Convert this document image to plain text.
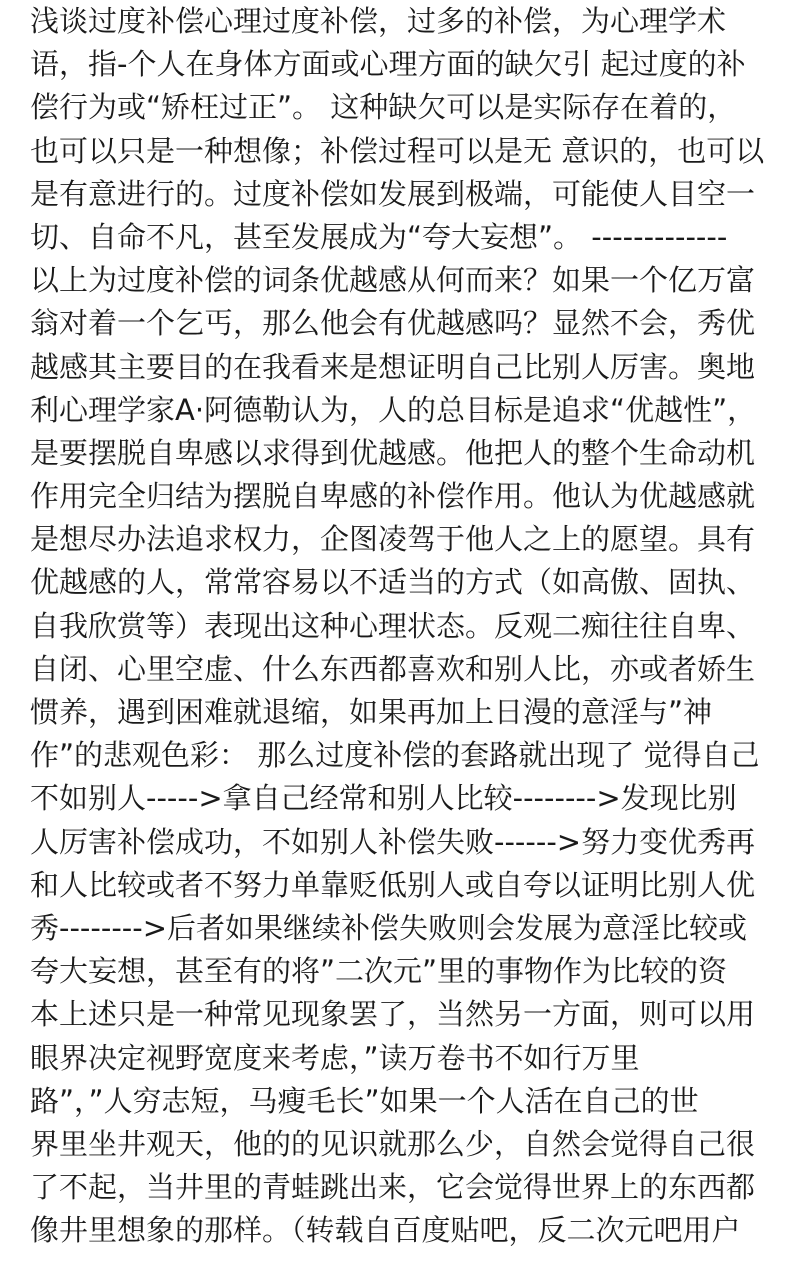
浅谈过度补偿心理过度补偿，过多的补偿，为心理学术
语，指-个人在身体方面或心理方面的缺欠引 起过度的补
偿行为或“矫枉过正”。 这种缺欠可以是实际存在着的，
也可以只是一种想像；补偿过程可以是无 意识的，也可以
是有意进行的。过度补偿如发展到极端，可能使人目空一
切、自命不凡，甚至发展成为“夸大妄想”。 -------------
以上为过度补偿的词条优越感从何而来？如果一个亿万富
翁对着一个乞丐，那么他会有优越感吗？显然不会，秀优
越感其主要目的在我看来是想证明自己比别人厉害。奥地
利心理学家A·阿德勒认为，人的总目标是追求“优越性”，
是要摆脱自卑感以求得到优越感。他把人的整个生命动机
作用完全归结为摆脱自卑感的补偿作用。他认为优越感就
是想尽办法追求权力，企图凌驾于他人之上的愿望。具有
优越感的人，常常容易以不适当的方式（如高傲、固执、
自我欣赏等）表现出这种心理状态。反观二痴往往自卑、
自闭、心里空虚、什么东西都喜欢和别人比，亦或者娇生
惯养，遇到困难就退缩，如果再加上日漫的意淫与”神
作”的悲观色彩： 那么过度补偿的套路就出现了 觉得自己
不如别人----->拿自己经常和别人比较-------->发现比别
人厉害补偿成功，不如别人补偿失败------>努力变优秀再
和人比较或者不努力单靠贬低别人或自夸以证明比别人优
秀-------->后者如果继续补偿失败则会发展为意淫比较或
夸大妄想，甚至有的将”二次元”里的事物作为比较的资
本上述只是一种常见现象罢了，当然另一方面，则可以用
眼界决定视野宽度来考虑，”读万卷书不如行万里
路”，”人穷志短，马瘦毛长”如果一个人活在自己的世
界里坐井观天，他的的见识就那么少，自然会觉得自己很
了不起，当井里的青蛙跳出来，它会觉得世界上的东西都
像井里想象的那样。（转载自百度贴吧，反二次元吧用户
